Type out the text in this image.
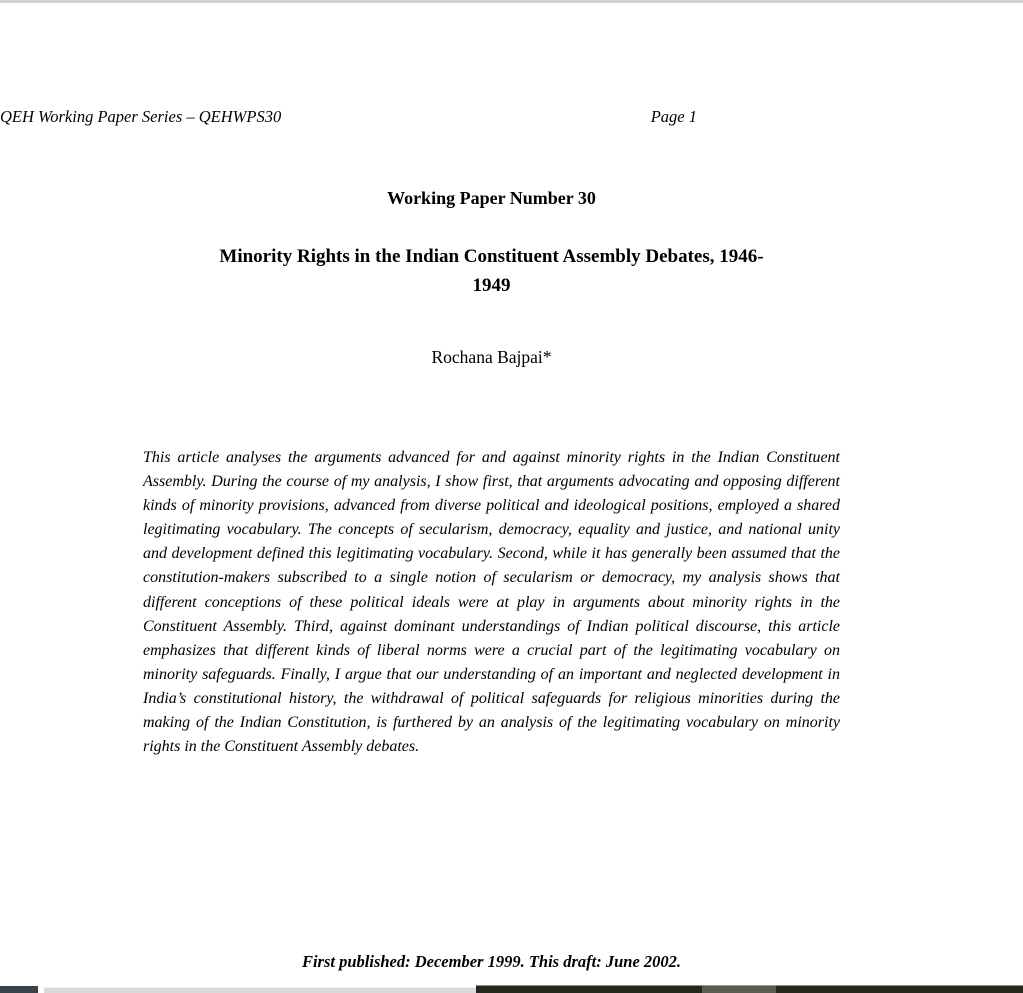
QEH Working Paper Series – QEHWPS30	Page 1
Working Paper Number 30
Minority Rights in the Indian Constituent Assembly Debates, 1946-
1949
Rochana Bajpai*
This article analyses the arguments advanced for and against minority rights in the Indian Constituent Assembly. During the course of my analysis, I show first, that arguments advocating and opposing different kinds of minority provisions, advanced from diverse political and ideological positions, employed a shared legitimating vocabulary. The concepts of secularism, democracy, equality and justice, and national unity and development defined this legitimating vocabulary. Second, while it has generally been assumed that the constitution-makers subscribed to a single notion of secularism or democracy, my analysis shows that different conceptions of these political ideals were at play in arguments about minority rights in the Constituent Assembly. Third, against dominant understandings of Indian political discourse, this article emphasizes that different kinds of liberal norms were a crucial part of the legitimating vocabulary on minority safeguards. Finally, I argue that our understanding of an important and neglected development in India’s constitutional history, the withdrawal of political safeguards for religious minorities during the making of the Indian Constitution, is furthered by an analysis of the legitimating vocabulary on minority rights in the Constituent Assembly debates.
First published: December 1999. This draft: June 2002.
